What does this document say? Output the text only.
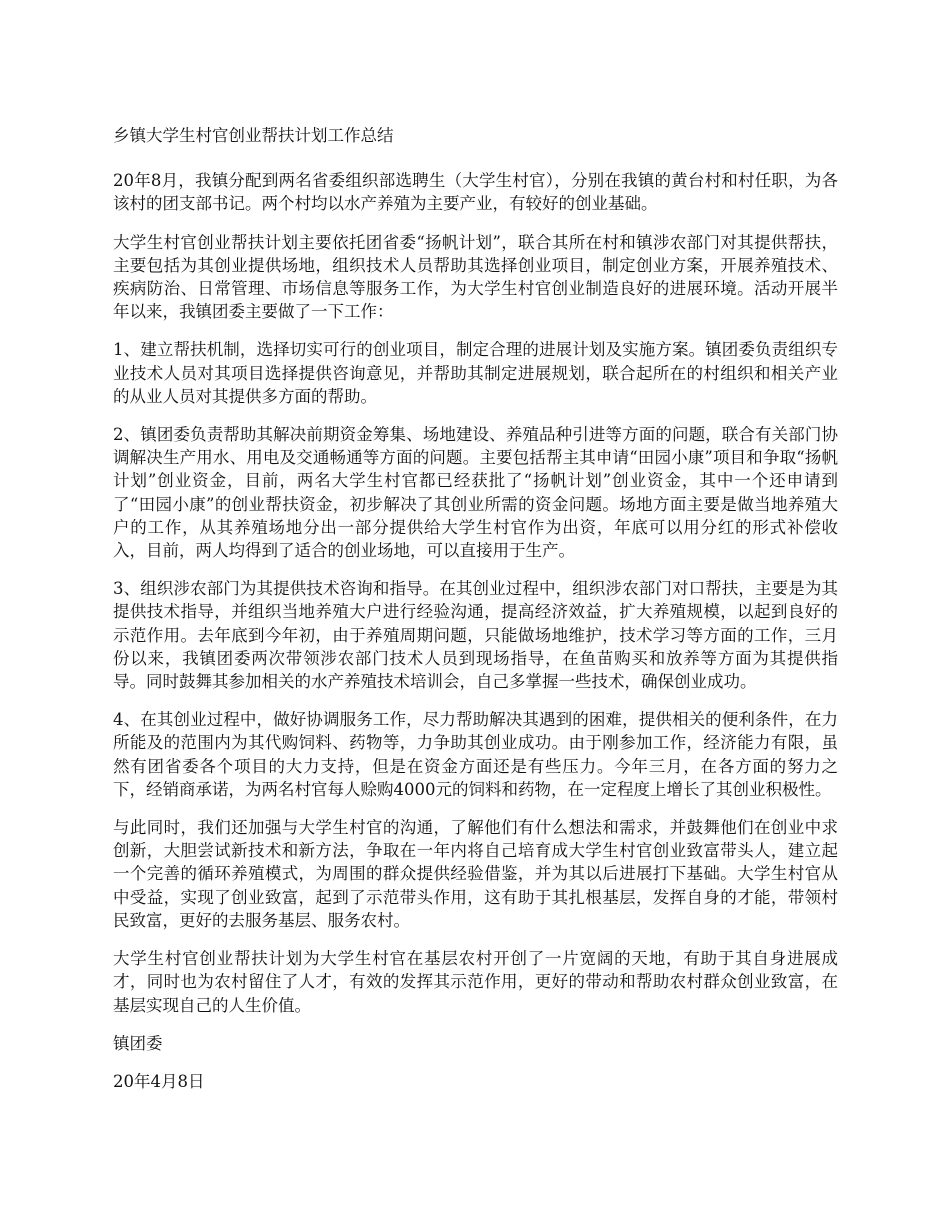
乡镇大学生村官创业帮扶计划工作总结

20年8月，我镇分配到两名省委组织部选聘生（大学生村官），分别在我镇的黄台村和村任职，为各该村的团支部书记。两个村均以水产养殖为主要产业，有较好的创业基础。

大学生村官创业帮扶计划主要依托团省委“扬帆计划”，联合其所在村和镇涉农部门对其提供帮扶，主要包括为其创业提供场地，组织技术人员帮助其选择创业项目，制定创业方案，开展养殖技术、疾病防治、日常管理、市场信息等服务工作，为大学生村官创业制造良好的进展环境。活动开展半年以来，我镇团委主要做了一下工作：

1、建立帮扶机制，选择切实可行的创业项目，制定合理的进展计划及实施方案。镇团委负责组织专业技术人员对其项目选择提供咨询意见，并帮助其制定进展规划，联合起所在的村组织和相关产业的从业人员对其提供多方面的帮助。

2、镇团委负责帮助其解决前期资金筹集、场地建设、养殖品种引进等方面的问题，联合有关部门协调解决生产用水、用电及交通畅通等方面的问题。主要包括帮主其申请“田园小康”项目和争取“扬帆计划”创业资金，目前，两名大学生村官都已经获批了“扬帆计划”创业资金，其中一个还申请到了“田园小康”的创业帮扶资金，初步解决了其创业所需的资金问题。场地方面主要是做当地养殖大户的工作，从其养殖场地分出一部分提供给大学生村官作为出资，年底可以用分红的形式补偿收入，目前，两人均得到了适合的创业场地，可以直接用于生产。

3、组织涉农部门为其提供技术咨询和指导。在其创业过程中，组织涉农部门对口帮扶，主要是为其提供技术指导，并组织当地养殖大户进行经验沟通，提高经济效益，扩大养殖规模，以起到良好的示范作用。去年底到今年初，由于养殖周期问题，只能做场地维护，技术学习等方面的工作，三月份以来，我镇团委两次带领涉农部门技术人员到现场指导，在鱼苗购买和放养等方面为其提供指导。同时鼓舞其参加相关的水产养殖技术培训会，自己多掌握一些技术，确保创业成功。

4、在其创业过程中，做好协调服务工作，尽力帮助解决其遇到的困难，提供相关的便利条件，在力所能及的范围内为其代购饲料、药物等，力争助其创业成功。由于刚参加工作，经济能力有限，虽然有团省委各个项目的大力支持，但是在资金方面还是有些压力。今年三月，在各方面的努力之下，经销商承诺，为两名村官每人赊购4000元的饲料和药物，在一定程度上增长了其创业积极性。

与此同时，我们还加强与大学生村官的沟通，了解他们有什么想法和需求，并鼓舞他们在创业中求创新，大胆尝试新技术和新方法，争取在一年内将自己培育成大学生村官创业致富带头人，建立起一个完善的循环养殖模式，为周围的群众提供经验借鉴，并为其以后进展打下基础。大学生村官从中受益，实现了创业致富，起到了示范带头作用，这有助于其扎根基层，发挥自身的才能，带领村民致富，更好的去服务基层、服务农村。

大学生村官创业帮扶计划为大学生村官在基层农村开创了一片宽阔的天地，有助于其自身进展成才，同时也为农村留住了人才，有效的发挥其示范作用，更好的带动和帮助农村群众创业致富，在基层实现自己的人生价值。

镇团委

20年4月8日
